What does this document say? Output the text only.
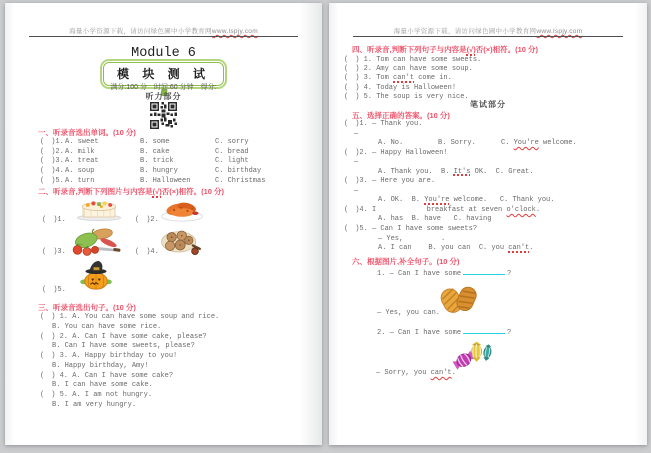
海量小学资源下载，请访问绿色圃中小学教育网www.lspjy.com
Module 6
模 块 测 试
满分:100 分　时间:60 分钟　得分:
听力部分
一、听录音选出单词。(10 分)
(　)1. A. sweet	B. some	C. sorry
(　)2. A. milk	B. cake	C. bread
(　)3. A. treat	B. trick	C. light
(　)4. A. soup	B. hungry	C. birthday
(　)5. A. turn	B. Halloween	C. Christmas
二、听录音,判断下列图片与内容是(√)否(×)相符。(10 分)
(　)1.	(　)2.
(　)3.	(　)4.
(　)5.
三、听录音选出句子。(10 分)
(　) 1. A. You can have some soup and rice.
B. You can have some rice.
(　) 2. A. Can I have some cake, please?
B. Can I have some sweets, please?
(　) 3. A. Happy birthday to you!
B. Happy birthday, Amy!
(　) 4. A. Can I have some cake?
B. I can have some cake.
(　) 5. A. I am not hungry.
B. I am very hungry.
海量小学资源下载，请访问绿色圃中小学教育网www.lspjy.com
四、听录音,判断下列句子与内容是(√)否(×)相符。(10 分)
(　) 1. Tom can have some sweets.
(　) 2. Amy can have some soup.
(　) 3. Tom can't come in.
(　) 4. Today is Halloween!
(　) 5. The soup is very nice.
笔试部分
五、选择正确的答案。(10 分)
(　)1. — Thank you.
—
A. No.	B. Sorry.	C. You're welcome.
(　)2. — Happy Halloween!
—
A. Thank you.  B. It's OK.  C. Great.
(　)3. — Here you are.
—
A. OK.  B. You're welcome.   C. Thank you.
(　)4. I            breakfast at seven o'clock.
A. has  B. have   C. having
(　)5. — Can I have some sweets?
— Yes,         .
A. I can    B. you can  C. you can't.
六、根据图片,补全句子。(10 分)
1. — Can I have some	?
— Yes, you can.
2. — Can I have some	?
— Sorry, you can't.
